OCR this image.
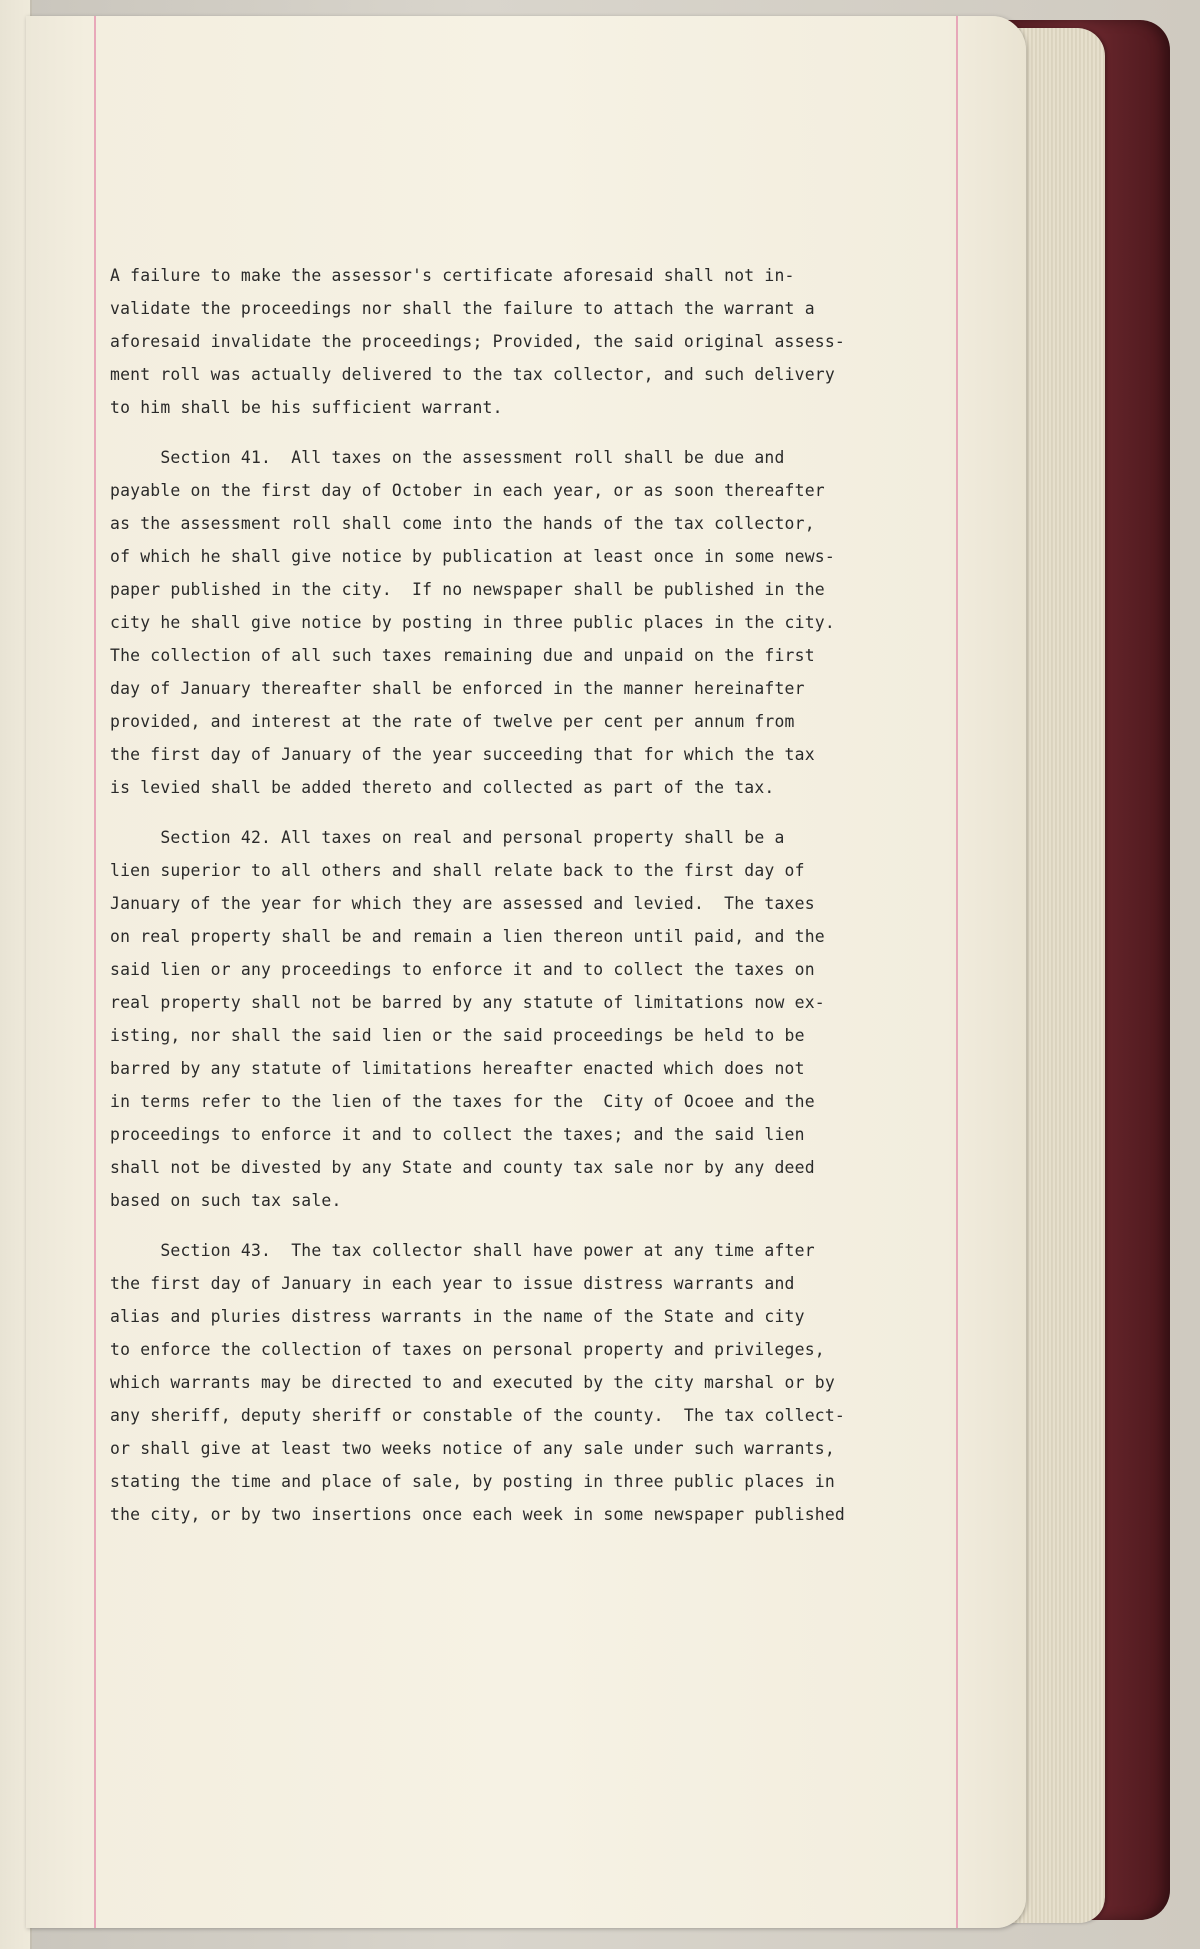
A failure to make the assessor's certificate aforesaid shall not in-
validate the proceedings nor shall the failure to attach the warrant a
aforesaid invalidate the proceedings; Provided, the said original assess-
ment roll was actually delivered to the tax collector, and such delivery
to him shall be his sufficient warrant.
Section 41.  All taxes on the assessment roll shall be due and
payable on the first day of October in each year, or as soon thereafter
as the assessment roll shall come into the hands of the tax collector,
of which he shall give notice by publication at least once in some news-
paper published in the city.  If no newspaper shall be published in the
city he shall give notice by posting in three public places in the city.
The collection of all such taxes remaining due and unpaid on the first
day of January thereafter shall be enforced in the manner hereinafter
provided, and interest at the rate of twelve per cent per annum from
the first day of January of the year succeeding that for which the tax
is levied shall be added thereto and collected as part of the tax.
Section 42. All taxes on real and personal property shall be a
lien superior to all others and shall relate back to the first day of
January of the year for which they are assessed and levied.  The taxes
on real property shall be and remain a lien thereon until paid, and the
said lien or any proceedings to enforce it and to collect the taxes on
real property shall not be barred by any statute of limitations now ex-
isting, nor shall the said lien or the said proceedings be held to be
barred by any statute of limitations hereafter enacted which does not
in terms refer to the lien of the taxes for the  City of Ocoee and the
proceedings to enforce it and to collect the taxes; and the said lien
shall not be divested by any State and county tax sale nor by any deed
based on such tax sale.
Section 43.  The tax collector shall have power at any time after
the first day of January in each year to issue distress warrants and
alias and pluries distress warrants in the name of the State and city
to enforce the collection of taxes on personal property and privileges,
which warrants may be directed to and executed by the city marshal or by
any sheriff, deputy sheriff or constable of the county.  The tax collect-
or shall give at least two weeks notice of any sale under such warrants,
stating the time and place of sale, by posting in three public places in
the city, or by two insertions once each week in some newspaper published
